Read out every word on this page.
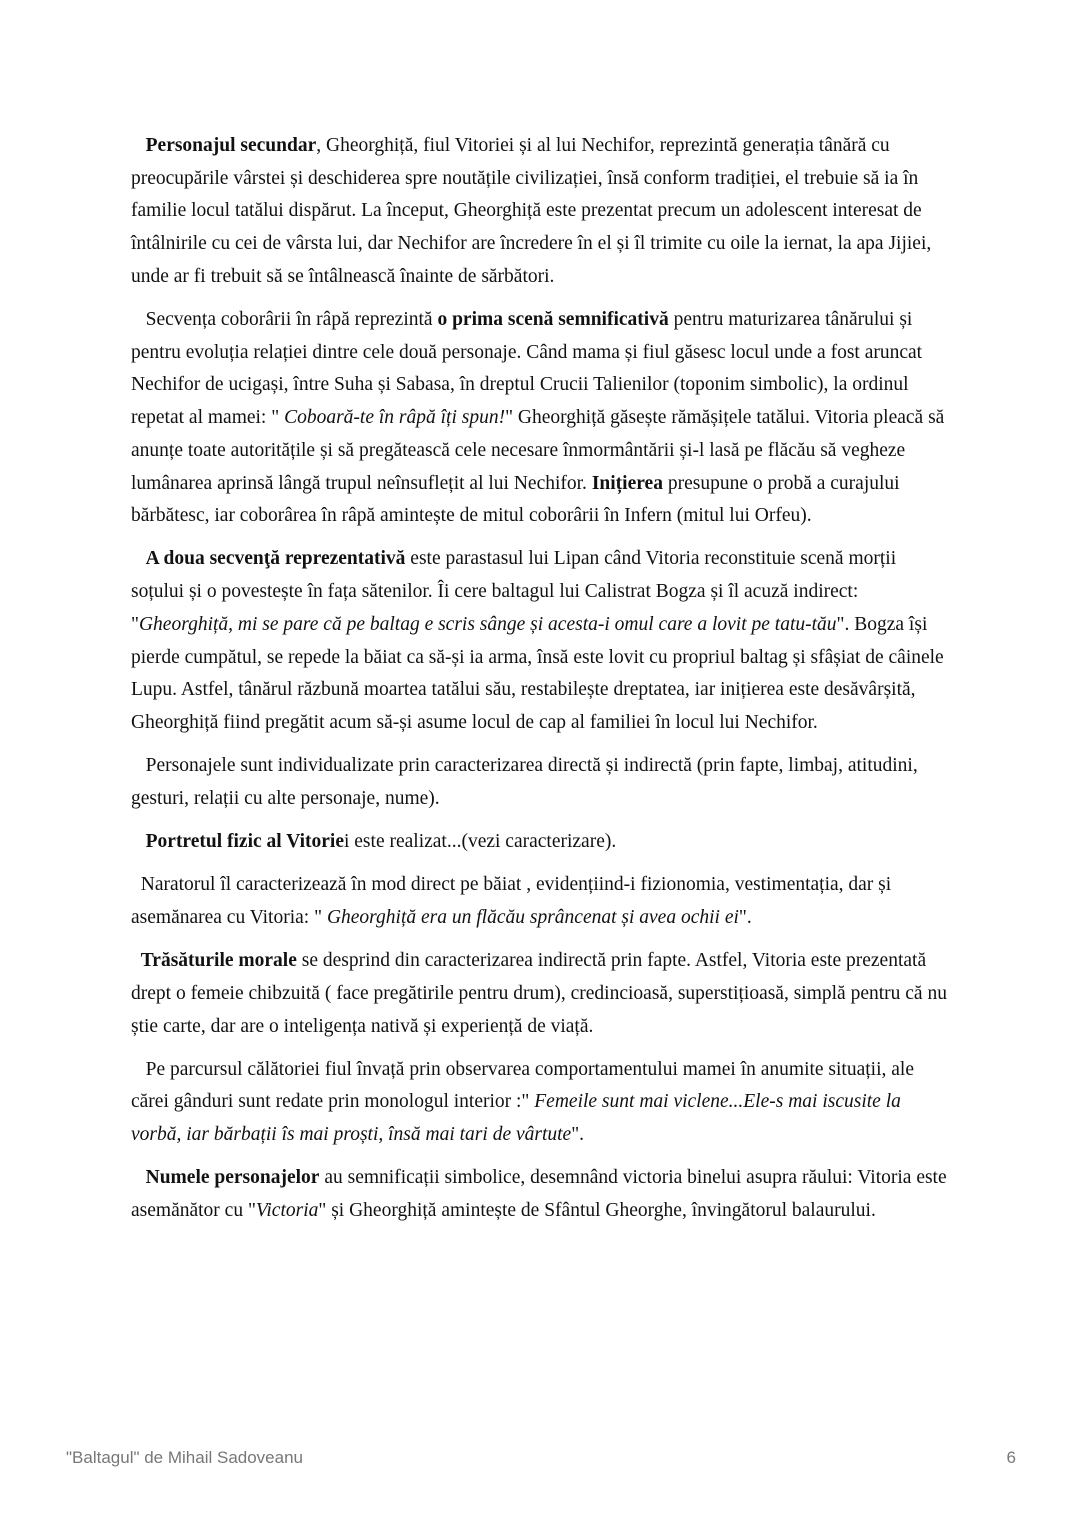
Personajul secundar, Gheorghiță, fiul Vitoriei și al lui Nechifor, reprezintă generația tânără cu preocupările vârstei și deschiderea spre noutățile civilizației, însă conform tradiției, el trebuie să ia în familie locul tatălui dispărut. La început, Gheorghiță este prezentat precum un adolescent interesat de întâlnirile cu cei de vârsta lui, dar Nechifor are încredere în el și îl trimite cu oile la iernat, la apa Jijiei, unde ar fi trebuit să se întâlnească înainte de sărbători.

Secvența coborârii în râpă reprezintă o prima scenă semnificativă pentru maturizarea tânărului și pentru evoluția relației dintre cele două personaje. Când mama și fiul găsesc locul unde a fost aruncat Nechifor de ucigași, între Suha și Sabasa, în dreptul Crucii Talienilor (toponim simbolic), la ordinul repetat al mamei: " Coboară-te în râpă îți spun!" Gheorghiță găsește rămășițele tatălui. Vitoria pleacă să anunțe toate autoritățile și să pregătească cele necesare înmormântării și-l lasă pe flăcău să vegheze lumânarea aprinsă lângă trupul neînsuflețit al lui Nechifor. Inițierea presupune o probă a curajului bărbătesc, iar coborârea în râpă amintește de mitul coborârii în Infern (mitul lui Orfeu).

A doua secvenţă reprezentativă este parastasul lui Lipan când Vitoria reconstituie scenă morții soțului și o povestește în fața sătenilor. Îi cere baltagul lui Calistrat Bogza și îl acuză indirect: "Gheorghiță, mi se pare că pe baltag e scris sânge și acesta-i omul care a lovit pe tatu-tău". Bogza își pierde cumpătul, se repede la băiat ca să-și ia arma, însă este lovit cu propriul baltag și sfâșiat de câinele Lupu. Astfel, tânărul răzbună moartea tatălui său, restabilește dreptatea, iar inițierea este desăvârșită, Gheorghiță fiind pregătit acum să-și asume locul de cap al familiei în locul lui Nechifor.

Personajele sunt individualizate prin caracterizarea directă și indirectă (prin fapte, limbaj, atitudini, gesturi, relații cu alte personaje, nume).

Portretul fizic al Vitoriei este realizat...(vezi caracterizare).

Naratorul îl caracterizează în mod direct pe băiat , evidențiind-i fizionomia, vestimentația, dar și asemănarea cu Vitoria: " Gheorghiță era un flăcău sprâncenat și avea ochii ei".

Trăsăturile morale se desprind din caracterizarea indirectă prin fapte. Astfel, Vitoria este prezentată drept o femeie chibzuită ( face pregătirile pentru drum), credincioasă, superstițioasă, simplă pentru că nu știe carte, dar are o inteligența nativă și experiență de viață.

Pe parcursul călătoriei fiul învață prin observarea comportamentului mamei în anumite situații, ale cărei gânduri sunt redate prin monologul interior :" Femeile sunt mai viclene...Ele-s mai iscusite la vorbă, iar bărbații îs mai proști, însă mai tari de vârtute".

Numele personajelor au semnificații simbolice, desemnând victoria binelui asupra răului: Vitoria este asemănător cu "Victoria" și Gheorghiță amintește de Sfântul Gheorghe, învingătorul balaurului.

"Baltagul" de Mihail Sadoveanu	6
